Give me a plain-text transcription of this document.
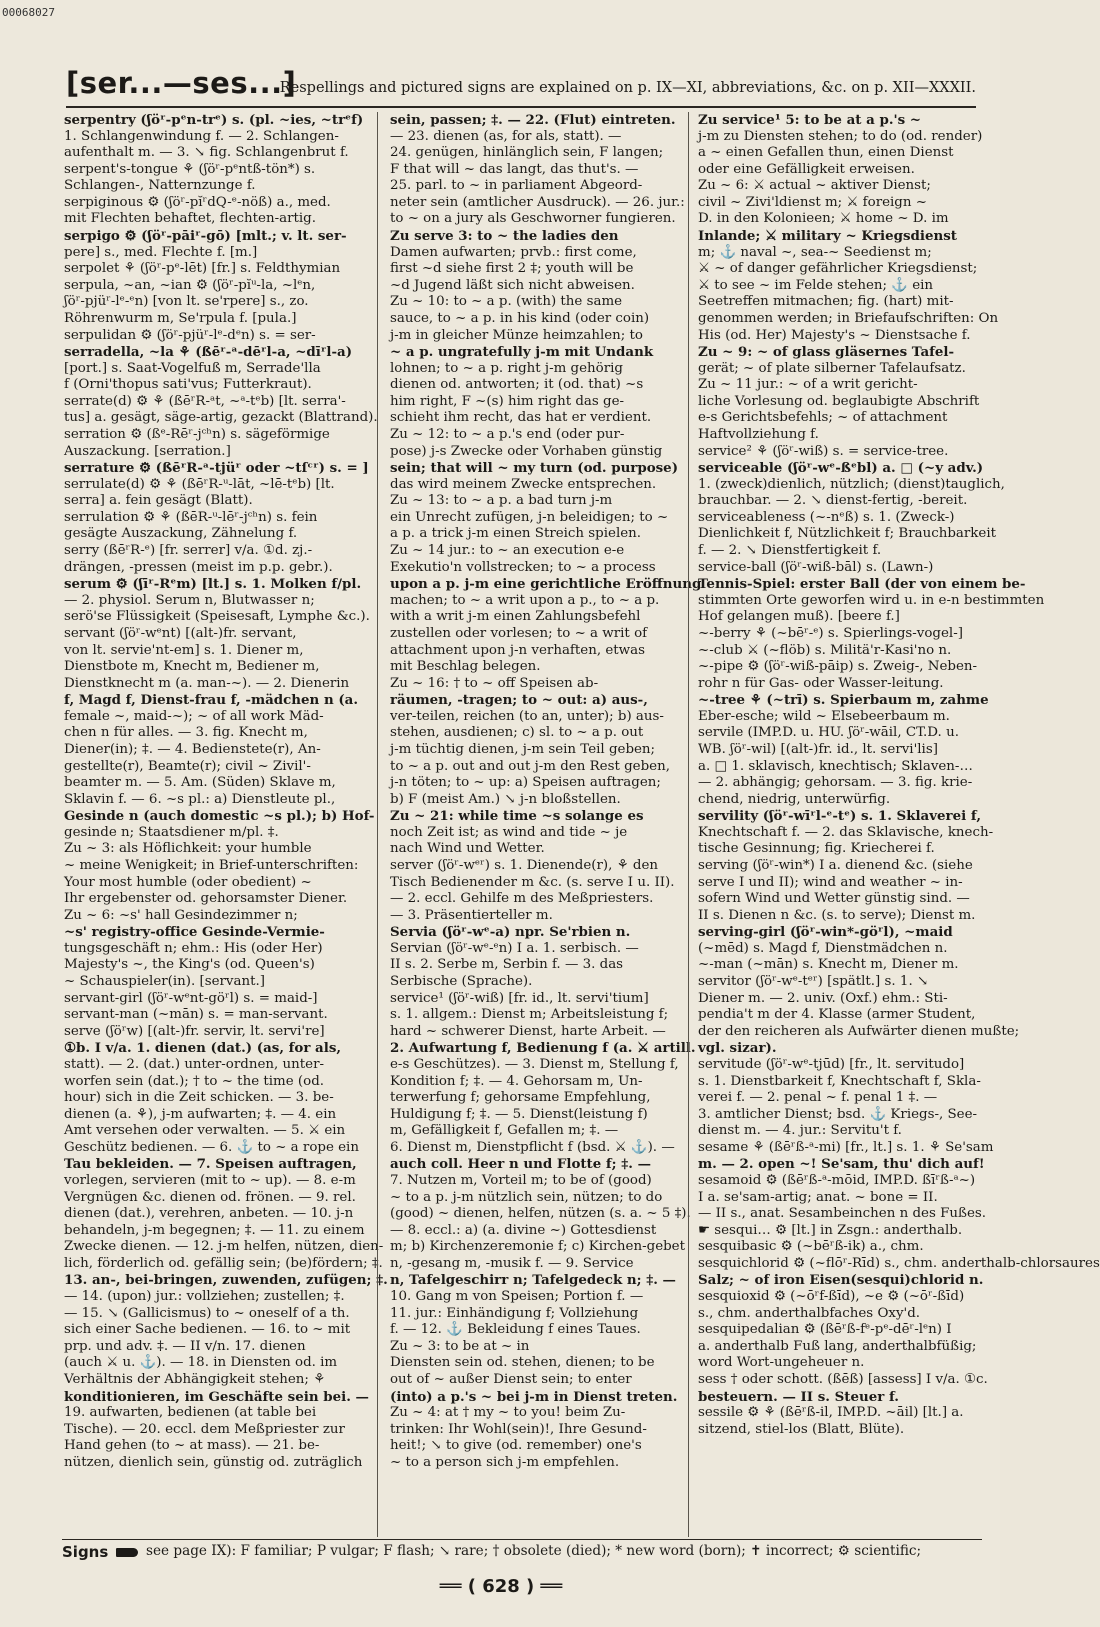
00068027
[ser...—ses...]
Respellings and pictured signs are explained on p. IX—XI, abbreviations, &c. on p. XII—XXXII.
serpentry (ʃöʳ-pᵉn-trᵉ) s. (pl. ~ies, ~trᵉf)
1. Schlangenwindung f. — 2. Schlangen-
aufenthalt m. — 3. ↘ fig. Schlangenbrut f.
serpent's-tongue ⚘ (ʃöʳ-pᵉntß-tön*) s.
Schlangen-, Natternzunge f.
serpiginous ⚙ (ʃöʳ-pĭʳdQ-ᵉ-nöß) a., med.
mit Flechten behaftet, flechten-artig.
serpigo ⚙ (ʃöʳ-pāiʳ-gō) [mlt.; v. lt. ser-
pere] s., med. Flechte f. [m.]
serpolet ⚘ (ʃöʳ-pᵉ-lēt) [fr.] s. Feldthymian
serpula, ~an, ~ian ⚙ (ʃöʳ-pĭᵘ-la, ~lᵉn,
ʃöʳ-pjüʳ-lᵉ-ᵉn) [von lt. se'rpere] s., zo.
Röhrenwurm m, Se'rpula f. [pula.]
serpulidan ⚙ (ʃöʳ-pjüʳ-lᵉ-dᵉn) s. = ser-
serradella, ~la ⚘ (ßēʳ-ᵃ-dēʳl-a, ~dīʳl-a)
[port.] s. Saat-Vogelfuß m, Serrade'lla
f (Orni'thopus sati'vus; Futterkraut).
serrate(d) ⚙ ⚘ (ßēʳR-ᵃt, ~ᵃ-tᵉb) [lt. serra'-
tus] a. gesägt, säge-artig, gezackt (Blattrand).
serration ⚙ (ßᵉ-Rēʳ-jᶜʰn) s. sägeförmige
Auszackung. [serration.]
serrature ⚙ (ßēʳR-ᵃ-tjüʳ oder ~tſᶜʳ) s. = ]
serrulate(d) ⚙ ⚘ (ßēʳR-ᵘ-lāt, ~lē-tᵉb) [lt.
serra] a. fein gesägt (Blatt).
serrulation ⚙ ⚘ (ßēR-ᵘ-lēʳ-jᶜʰn) s. fein
gesägte Auszackung, Zähnelung f.
serry (ßēʳR-ᵉ) [fr. serrer] v/a. ①d. zj.-
drängen, -pressen (meist im p.p. gebr.).
serum ⚙ (ʃīʳ-Rᵉm) [lt.] s. 1. Molken f/pl.
— 2. physiol. Serum n, Blutwasser n;
serö'se Flüssigkeit (Speisesaft, Lymphe &c.).
servant (ʃöʳ-wᵉnt) [(alt-)fr. servant,
von lt. servie'nt-em] s. 1. Diener m,
Dienstbote m, Knecht m, Bediener m,
Dienstknecht m (a. man-~). — 2. Dienerin
f, Magd f, Dienst-frau f, -mädchen n (a.
female ~, maid-~); ~ of all work Mäd-
chen n für alles. — 3. fig. Knecht m,
Diener(in); ‡. — 4. Bedienstete(r), An-
gestellte(r), Beamte(r); civil ~ Zivil'-
beamter m. — 5. Am. (Süden) Sklave m,
Sklavin f. — 6. ~s pl.: a) Dienstleute pl.,
Gesinde n (auch domestic ~s pl.); b) Hof-
gesinde n; Staatsdiener m/pl. ‡.
Zu ~ 3: als Höflichkeit: your humble
~ meine Wenigkeit; in Brief-unterschriften:
Your most humble (oder obedient) ~
Ihr ergebenster od. gehorsamster Diener.
Zu ~ 6: ~s' hall Gesindezimmer n;
~s' registry-office Gesinde-Vermie-
tungsgeschäft n; ehm.: His (oder Her)
Majesty's ~, the King's (od. Queen's)
~ Schauspieler(in). [servant.]
servant-girl (ʃöʳ-wᵉnt-göʳl) s. = maid-]
servant-man (~mān) s. = man-servant.
serve (ʃöʳw) [(alt-)fr. servir, lt. servi're]
①b. I v/a. 1. dienen (dat.) (as, for als,
statt). — 2. (dat.) unter-ordnen, unter-
worfen sein (dat.); † to ~ the time (od.
hour) sich in die Zeit schicken. — 3. be-
dienen (a. ⚘), j-m aufwarten; ‡. — 4. ein
Amt versehen oder verwalten. — 5. ⚔ ein
Geschütz bedienen. — 6. ⚓ to ~ a rope ein
Tau bekleiden. — 7. Speisen auftragen,
vorlegen, servieren (mit to ~ up). — 8. e-m
Vergnügen &c. dienen od. frönen. — 9. rel.
dienen (dat.), verehren, anbeten. — 10. j-n
behandeln, j-m begegnen; ‡. — 11. zu einem
Zwecke dienen. — 12. j-m helfen, nützen, dien-
lich, förderlich od. gefällig sein; (be)fördern; ‡.
13. an-, bei-bringen, zuwenden, zufügen; ‡.
— 14. (upon) jur.: vollziehen; zustellen; ‡.
— 15. ↘ (Gallicismus) to ~ oneself of a th.
sich einer Sache bedienen. — 16. to ~ mit
prp. und adv. ‡. — II v/n. 17. dienen
(auch ⚔ u. ⚓). — 18. in Diensten od. im
Verhältnis der Abhängigkeit stehen; ⚘
konditionieren, im Geschäfte sein bei. —
19. aufwarten, bedienen (at table bei
Tische). — 20. eccl. dem Meßpriester zur
Hand gehen (to ~ at mass). — 21. be-
nützen, dienlich sein, günstig od. zuträglich
sein, passen; ‡. — 22. (Flut) eintreten.
— 23. dienen (as, for als, statt). —
24. genügen, hinlänglich sein, F langen;
F that will ~ das langt, das thut's. —
25. parl. to ~ in parliament Abgeord-
neter sein (amtlicher Ausdruck). — 26. jur.:
to ~ on a jury als Geschworner fungieren.
Zu serve 3: to ~ the ladies den
Damen aufwarten; prvb.: first come,
first ~d siehe first 2 ‡; youth will be
~d Jugend läßt sich nicht abweisen.
Zu ~ 10: to ~ a p. (with) the same
sauce, to ~ a p. in his kind (oder coin)
j-m in gleicher Münze heimzahlen; to
~ a p. ungratefully j-m mit Undank
lohnen; to ~ a p. right j-m gehörig
dienen od. antworten; it (od. that) ~s
him right, F ~(s) him right das ge-
schieht ihm recht, das hat er verdient.
Zu ~ 12: to ~ a p.'s end (oder pur-
pose) j-s Zwecke oder Vorhaben günstig
sein; that will ~ my turn (od. purpose)
das wird meinem Zwecke entsprechen.
Zu ~ 13: to ~ a p. a bad turn j-m
ein Unrecht zufügen, j-n beleidigen; to ~
a p. a trick j-m einen Streich spielen.
Zu ~ 14 jur.: to ~ an execution e-e
Exekutio'n vollstrecken; to ~ a process
upon a p. j-m eine gerichtliche Eröffnung
machen; to ~ a writ upon a p., to ~ a p.
with a writ j-m einen Zahlungsbefehl
zustellen oder vorlesen; to ~ a writ of
attachment upon j-n verhaften, etwas
mit Beschlag belegen.
Zu ~ 16: † to ~ off Speisen ab-
räumen, -tragen; to ~ out: a) aus-,
ver-teilen, reichen (to an, unter); b) aus-
stehen, ausdienen; c) sl. to ~ a p. out
j-m tüchtig dienen, j-m sein Teil geben;
to ~ a p. out and out j-m den Rest geben,
j-n töten; to ~ up: a) Speisen auftragen;
b) F (meist Am.) ↘ j-n bloßstellen.
Zu ~ 21: while time ~s solange es
noch Zeit ist; as wind and tide ~ je
nach Wind und Wetter.
server (ʃöʳ-wᵉʳ) s. 1. Dienende(r), ⚘ den
Tisch Bedienender m &c. (s. serve I u. II).
— 2. eccl. Gehilfe m des Meßpriesters.
— 3. Präsentierteller m.
Servia (ʃöʳ-wᵉ-a) npr. Se'rbien n.
Servian (ʃöʳ-wᵉ-ᵉn) I a. 1. serbisch. —
II s. 2. Serbe m, Serbin f. — 3. das
Serbische (Sprache).
service¹ (ʃöʳ-wiß) [fr. id., lt. servi'tium]
s. 1. allgem.: Dienst m; Arbeitsleistung f;
hard ~ schwerer Dienst, harte Arbeit. —
2. Aufwartung f, Bedienung f (a. ⚔ artill.
e-s Geschützes). — 3. Dienst m, Stellung f,
Kondition f; ‡. — 4. Gehorsam m, Un-
terwerfung f; gehorsame Empfehlung,
Huldigung f; ‡. — 5. Dienst(leistung f)
m, Gefälligkeit f, Gefallen m; ‡. —
6. Dienst m, Dienstpflicht f (bsd. ⚔ ⚓). —
auch coll. Heer n und Flotte f; ‡. —
7. Nutzen m, Vorteil m; to be of (good)
~ to a p. j-m nützlich sein, nützen; to do
(good) ~ dienen, helfen, nützen (s. a. ~ 5 ‡).
— 8. eccl.: a) (a. divine ~) Gottesdienst
m; b) Kirchenzeremonie f; c) Kirchen-gebet
n, -gesang m, -musik f. — 9. Service
n, Tafelgeschirr n; Tafelgedeck n; ‡. —
10. Gang m von Speisen; Portion f. —
11. jur.: Einhändigung f; Vollziehung
f. — 12. ⚓ Bekleidung f eines Taues.
Zu ~ 3: to be at ~ in
Diensten sein od. stehen, dienen; to be
out of ~ außer Dienst sein; to enter
(into) a p.'s ~ bei j-m in Dienst treten.
Zu ~ 4: at † my ~ to you! beim Zu-
trinken: Ihr Wohl(sein)!, Ihre Gesund-
heit!; ↘ to give (od. remember) one's
~ to a person sich j-m empfehlen.
Zu service¹ 5: to be at a p.'s ~
j-m zu Diensten stehen; to do (od. render)
a ~ einen Gefallen thun, einen Dienst
oder eine Gefälligkeit erweisen.
Zu ~ 6: ⚔ actual ~ aktiver Dienst;
civil ~ Zivi'ldienst m; ⚔ foreign ~
D. in den Kolonieen; ⚔ home ~ D. im
Inlande; ⚔ military ~ Kriegsdienst
m; ⚓ naval ~, sea-~ Seedienst m;
⚔ ~ of danger gefährlicher Kriegsdienst;
⚔ to see ~ im Felde stehen; ⚓ ein
Seetreffen mitmachen; fig. (hart) mit-
genommen werden; in Briefaufschriften: On
His (od. Her) Majesty's ~ Dienstsache f.
Zu ~ 9: ~ of glass gläsernes Tafel-
gerät; ~ of plate silberner Tafelaufsatz.
Zu ~ 11 jur.: ~ of a writ gericht-
liche Vorlesung od. beglaubigte Abschrift
e-s Gerichtsbefehls; ~ of attachment
Haftvollziehung f.
service² ⚘ (ʃöʳ-wiß) s. = service-tree.
serviceable (ʃöʳ-wᵉ-ßᵉbl) a. □ (~y adv.)
1. (zweck)dienlich, nützlich; (dienst)tauglich,
brauchbar. — 2. ↘ dienst-fertig, -bereit.
serviceableness (~-nᵉß) s. 1. (Zweck-)
Dienlichkeit f, Nützlichkeit f; Brauchbarkeit
f. — 2. ↘ Dienstfertigkeit f.
service-ball (ʃöʳ-wiß-bāl) s. (Lawn-)
Tennis-Spiel: erster Ball (der von einem be-
stimmten Orte geworfen wird u. in e-n bestimmten
Hof gelangen muß). [beere f.]
~-berry ⚘ (~bēʳ-ᵉ) s. Spierlings-vogel-]
~-club ⚔ (~flöb) s. Militä'r-Kasi'no n.
~-pipe ⚙ (ʃöʳ-wiß-pāip) s. Zweig-, Neben-
rohr n für Gas- oder Wasser-leitung.
~-tree ⚘ (~trī) s. Spierbaum m, zahme
Eber-esche; wild ~ Elsebeerbaum m.
servile (IMP.D. u. HU. ʃöʳ-wāil, CT.D. u.
WB. ʃöʳ-wil) [(alt-)fr. id., lt. servi'lis]
a. □ 1. sklavisch, knechtisch; Sklaven-…
— 2. abhängig; gehorsam. — 3. fig. krie-
chend, niedrig, unterwürfig.
servility (ʃöʳ-wīʳl-ᵉ-tᵉ) s. 1. Sklaverei f,
Knechtschaft f. — 2. das Sklavische, knech-
tische Gesinnung; fig. Kriecherei f.
serving (ʃöʳ-win*) I a. dienend &c. (siehe
serve I und II); wind and weather ~ in-
sofern Wind und Wetter günstig sind. —
II s. Dienen n &c. (s. to serve); Dienst m.
serving-girl (ʃöʳ-win*-göʳl), ~maid
(~mēd) s. Magd f, Dienstmädchen n.
~-man (~mān) s. Knecht m, Diener m.
servitor (ʃöʳ-wᵉ-tᵉʳ) [spätlt.] s. 1. ↘
Diener m. — 2. univ. (Oxf.) ehm.: Sti-
pendia't m der 4. Klasse (armer Student,
der den reicheren als Aufwärter dienen mußte;
vgl. sizar).
servitude (ʃöʳ-wᵉ-tjūd) [fr., lt. servitudo]
s. 1. Dienstbarkeit f, Knechtschaft f, Skla-
verei f. — 2. penal ~ f. penal 1 ‡. —
3. amtlicher Dienst; bsd. ⚓ Kriegs-, See-
dienst m. — 4. jur.: Servitu't f.
sesame ⚘ (ßēʳß-ᵃ-mi) [fr., lt.] s. 1. ⚘ Se'sam
m. — 2. open ~! Se'sam, thu' dich auf!
sesamoid ⚙ (ßēʳß-ᵃ-mōid, IMP.D. ßīʳß-ᵃ~)
I a. se'sam-artig; anat. ~ bone = II.
— II s., anat. Sesambeinchen n des Fußes.
☛ sesqui… ⚙ [lt.] in Zsgn.: anderthalb.
sesquibasic ⚙ (~bēʳß-ik) a., chm.
sesquichlorid ⚙ (~flōʳ-Rīd) s., chm. anderthalb-chlorsaures
Salz; ~ of iron Eisen(sesqui)chlorid n.
sesquioxid ⚙ (~ōʳf-ßīd), ~e ⚙ (~ōʳ-ßīd)
s., chm. anderthalbfaches Oxy'd.
sesquipedalian ⚙ (ßēʳß-fᵉ-pᵉ-dēʳ-lᵉn) I
a. anderthalb Fuß lang, anderthalbfüßig;
word Wort-ungeheuer n.
sess † oder schott. (ßēß) [assess] I v/a. ①c.
besteuern. — II s. Steuer f.
sessile ⚙ ⚘ (ßēʳß-il, IMP.D. ~āil) [lt.] a.
sitzend, stiel-los (Blatt, Blüte).
Signs	see page IX): F familiar; P vulgar; F flash; ↘ rare; † obsolete (died); * new word (born); ✝ incorrect; ⚙ scientific;
══ ( 628 ) ══
